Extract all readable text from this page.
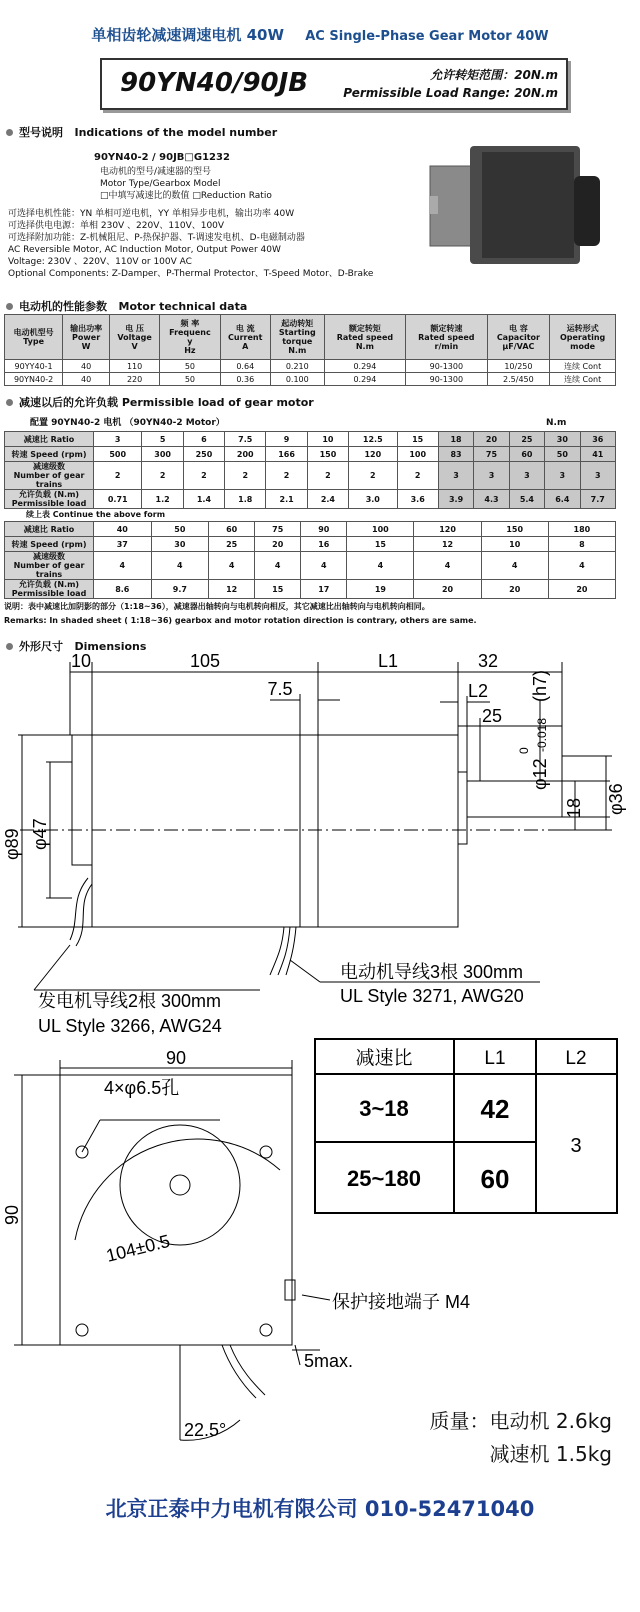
单相齿轮减速调速电机 40W AC Single-Phase Gear Motor 40W
90YN40/90JB	允许转矩范围：20N.m
Permissible Load Range: 20N.m
型号说明 Indications of the model number
90YN40-2 / 90JB□G1232
电动机的型号/减速器的型号
Motor Type/Gearbox Model
□中填写减速比的数值 □Reduction Ratio
可选择电机性能：YN 单相可逆电机，YY 单相异步电机，输出功率 40W
可选择供电电源：单相 230V 、220V、110V、100V
可选择附加功能：Z-机械阻尼、P-热保护器、T-调速发电机、D-电磁制动器
AC Reversible Motor, AC Induction Motor, Output Power 40W
Voltage: 230V 、220V、110V or 100V AC
Optional Components: Z-Damper、P-Thermal Protector、T-Speed Motor、D-Brake
电动机的性能参数 Motor technical data
电动机型号
Type	输出功率
Power
W	电 压
Voltage
V	频 率
Frequenc
y
Hz	电 流
Current
A	起动转矩
Starting
torque
N.m	额定转矩
Rated speed
N.m	额定转速
Rated speed
r/min	电 容
Capacitor
μF/VAC	运转形式
Operating
mode
90YY40-1	40	110	50	0.64	0.210	0.294	90-1300	10/250	连续 Cont
90YN40-2	40	220	50	0.36	0.100	0.294	90-1300	2.5/450	连续 Cont
减速以后的允许负载 Permissible load of gear motor
配置 90YN40-2 电机 （90YN40-2 Motor）	N.m
减速比 Ratio	3	5	6	7.5	9	10	12.5	15	18	20	25	30	36
转速 Speed (rpm)	500	300	250	200	166	150	120	100	83	75	60	50	41
减速级数
Number of gear trains	2	2	2	2	2	2	2	2	3	3	3	3	3
允许负载 (N.m)
Permissible load	0.71	1.2	1.4	1.8	2.1	2.4	3.0	3.6	3.9	4.3	5.4	6.4	7.7
续上表 Continue the above form
减速比 Ratio	40	50	60	75	90	100	120	150	180
转速 Speed (rpm)	37	30	25	20	16	15	12	10	8
减速级数
Number of gear trains	4	4	4	4	4	4	4	4	4
允许负载 (N.m)
Permissible load	8.6	9.7	12	15	17	19	20	20	20
说明：表中减速比加阴影的部分（1:18~36），减速器出轴转向与电机转向相反，其它减速比出轴转向与电机转向相同。
Remarks: In shaded sheet ( 1:18~36) gearbox and motor rotation direction is contrary, others are same.
外形尺寸 Dimensions
10	105	L1	32
7.5	L2
25
φ12
0 -0.018
(h7)
φ36
18
φ89 φ47
电动机导线3根 300mm
UL Style 3271, AWG20
发电机导线2根 300mm
UL Style 3266, AWG24
90
90
4×φ6.5孔
104±0.5
22.5°
5max.
保护接地端子 M4
减速比	L1	L2
3~18	42
25~180 60
3
质量：电动机 2.6kg
减速机 1.5kg
北京正泰中力电机有限公司 010-52471040
